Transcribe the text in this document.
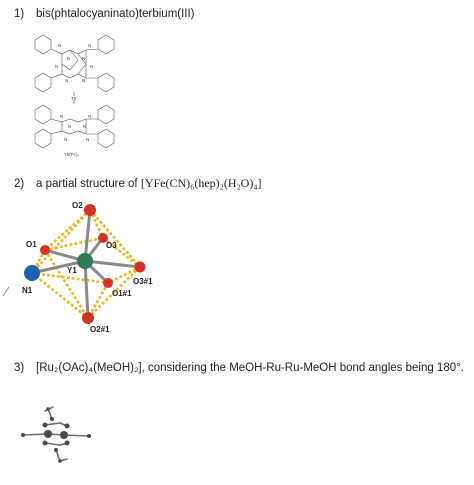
1) bis(phtalocyaninato)terbium(III)
N	N
N	N
N	N
N	N
N	N
N	N
N	N
Tb
Tb(Pc)₂
2) a partial structure of [YFe(CN)₆(hep)₂(H₂O)₄]
O2
O1	O3
Y1
N1
O3#1
O1#1
O2#1
3) [Ru₂(OAc)₄(MeOH)₂], considering the MeOH-Ru-Ru-MeOH bond angles being 180°.
